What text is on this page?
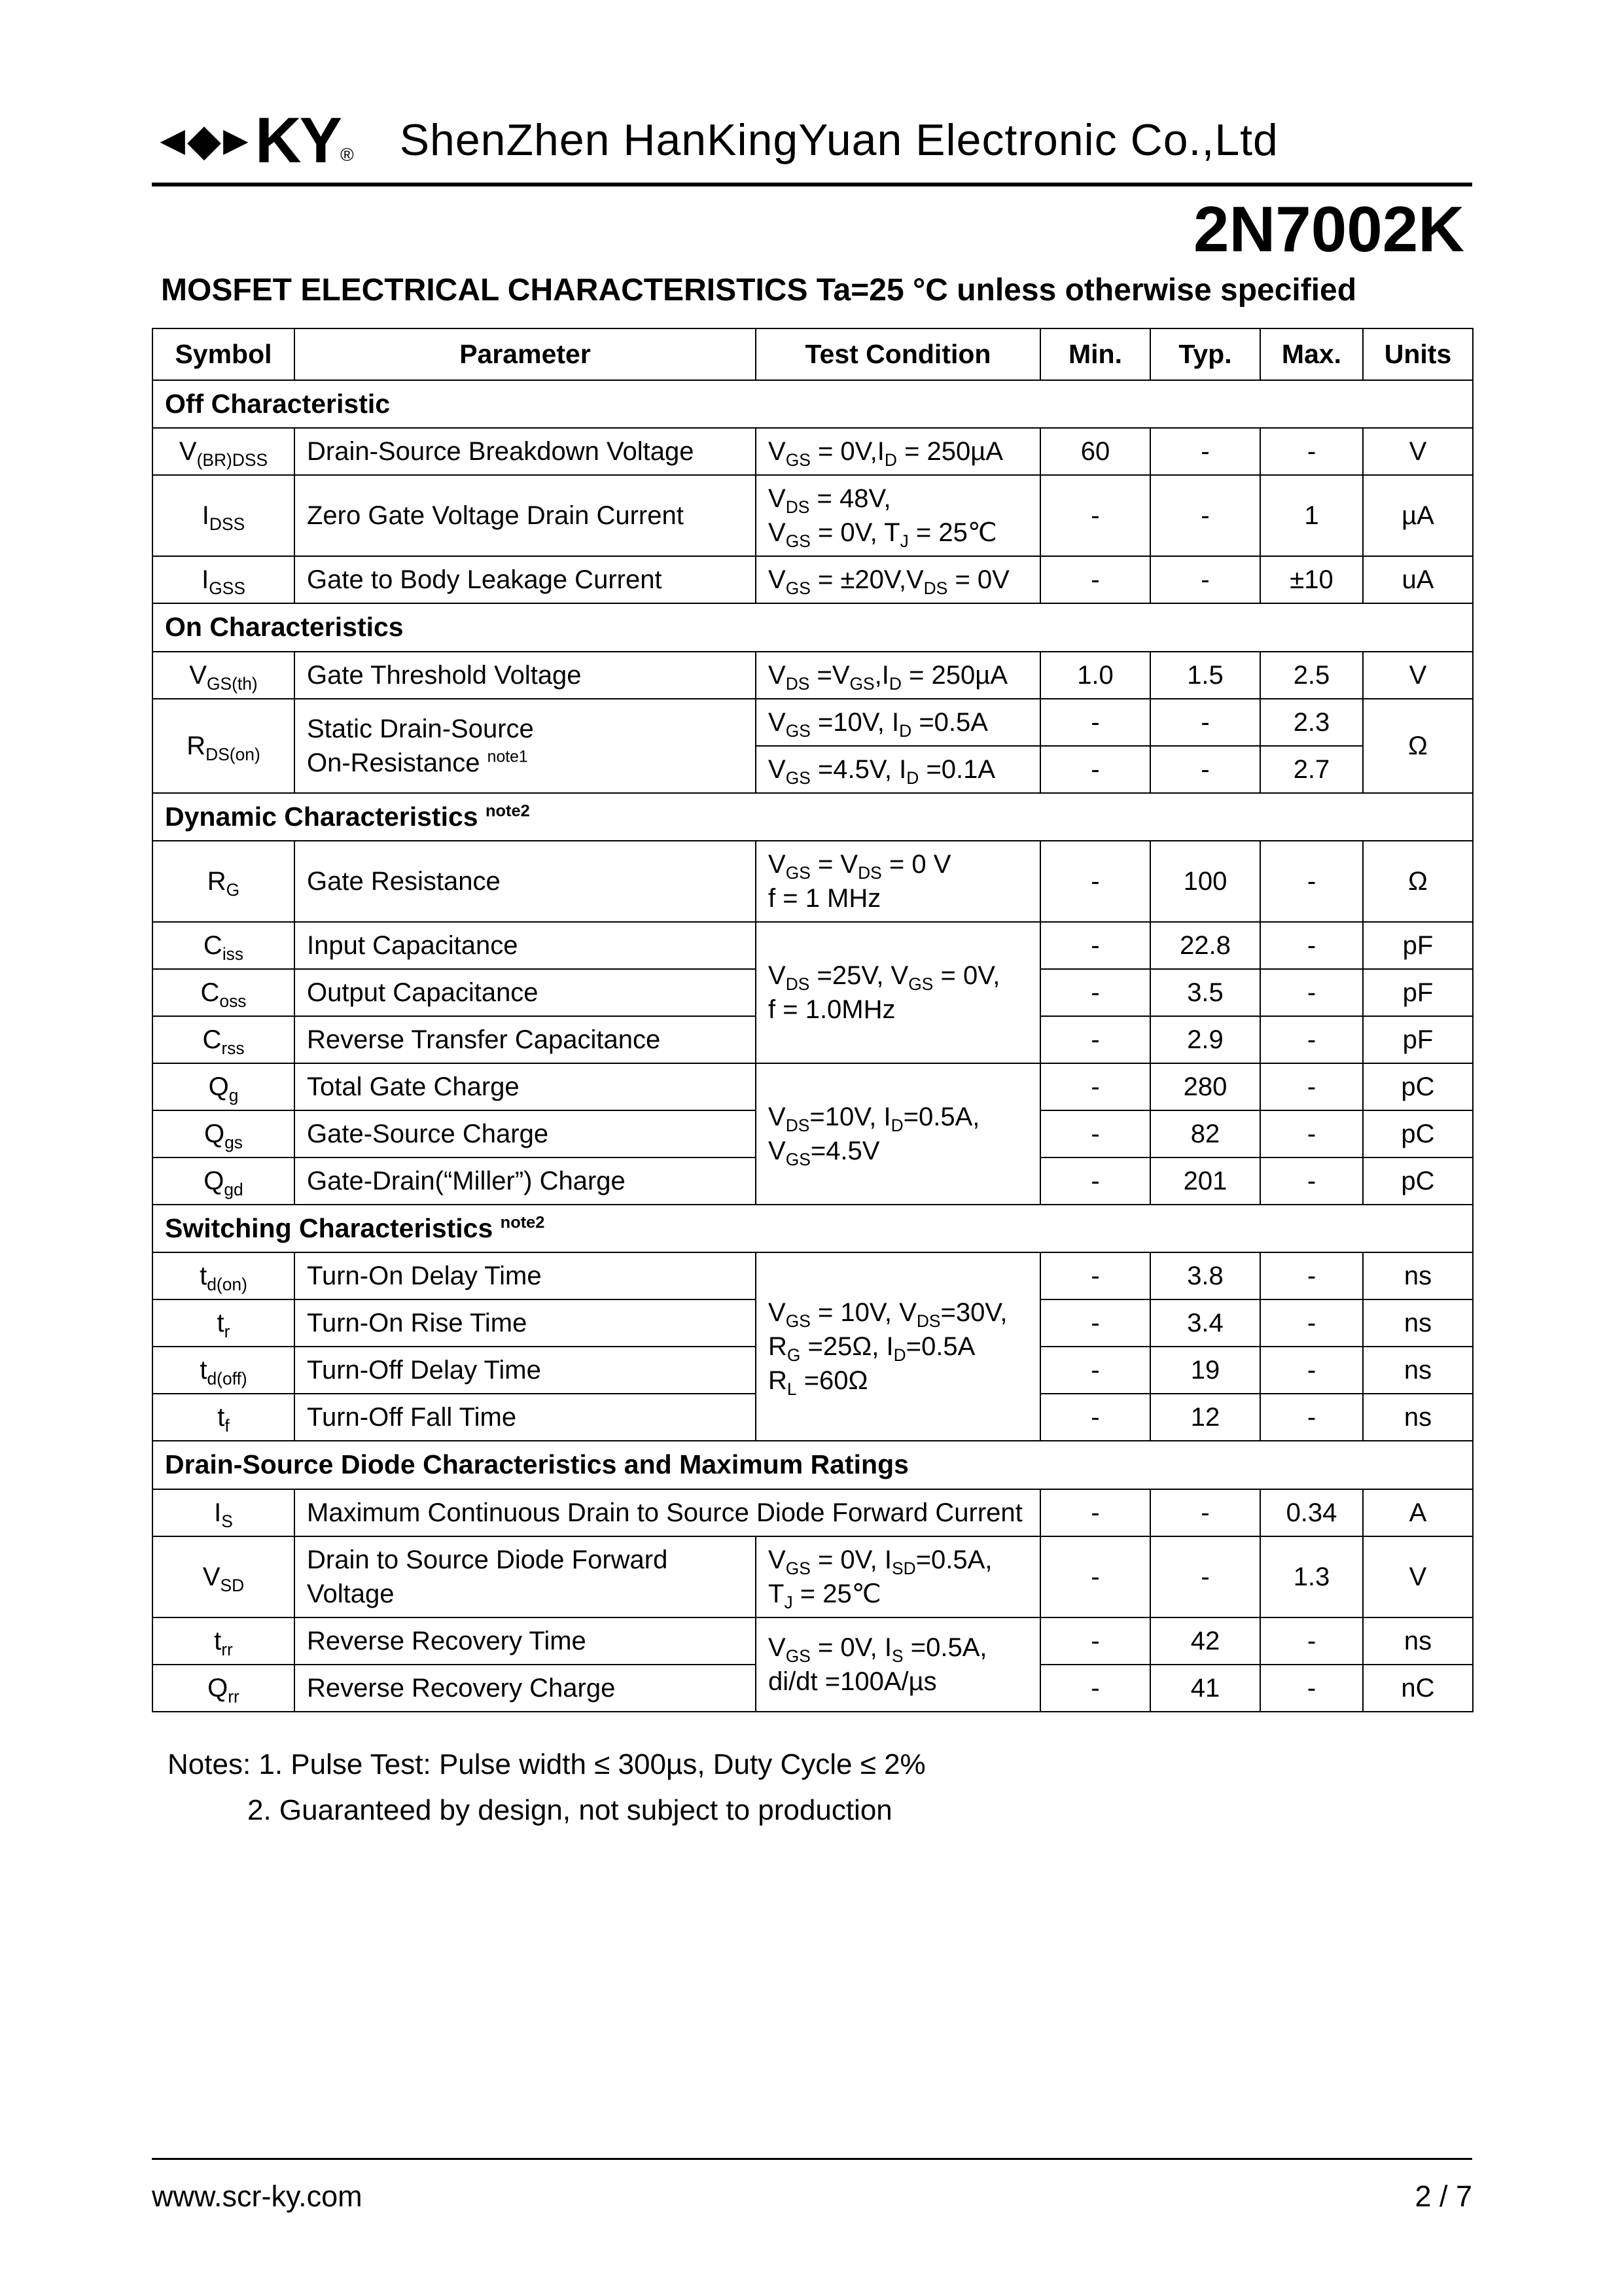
◄◆► KY ® ShenZhen HanKingYuan Electronic Co.,Ltd
2N7002K
MOSFET ELECTRICAL CHARACTERISTICS Ta=25 °C unless otherwise specified
Symbol	Parameter	Test Condition	Min.	Typ.	Max.	Units
Off Characteristic						
$V_{(BR)DSS}$	Drain-Source Breakdown Voltage	$V_{GS} = 0V,I_D = 250\mu A$	60	-	-	V
$I_{DSS}$	Zero Gate Voltage Drain Current	$V_{DS} = 48V$,
$V_{GS} = 0V$, $T_J$ = 25℃	-	-	1	µA
$I_{GSS}$	Gate to Body Leakage Current	$V_{GS} = \pm 20V,V_{DS} = 0V$	-	-	±10	uA
On Characteristics						
$V_{GS(th)}$	Gate Threshold Voltage	$V_{DS} =V_{GS},I_D = 250\mu A$	1.0	1.5	2.5	V
$R_{DS(on)}$	Static Drain-Source
On-Resistance $^{note1}$	$V_{GS} =10V$, $I_D =0.5A$	-	-	2.3	Ω
		$V_{GS} =4.5V$, $I_D =0.1A$	-	-	2.7	
Dynamic Characteristics $^{note2}$
$R_G$	Gate Resistance	$V_{GS} = V_{DS} = 0$ V
f = 1 MHz	-	100	-	Ω
$C_{iss}$	Input Capacitance	$V_{DS} =25V$, $V_{GS} = 0V$,
f = 1.0MHz	-	22.8	-	pF
$C_{oss}$	Output Capacitance		-	3.5	-	pF
$C_{rss}$	Reverse Transfer Capacitance		-	2.9	-	pF
$Q_g$	Total Gate Charge	$V_{DS}=10V$, $I_D=0.5A$,
$V_{GS}=4.5V$	-	280	-	pC
$Q_{gs}$	Gate-Source Charge		-	82	-	pC
$Q_{gd}$	Gate-Drain(“Miller”) Charge		-	201	-	pC
Switching Characteristics $^{note2}$
$t_{d(on)}$	Turn-On Delay Time	$V_{GS} = 10V$, $V_{DS}=30V$,
$R_G =25\Omega$, $I_D=0.5A$
$R_L =60\Omega$	-	3.8	-	ns
$t_r$	Turn-On Rise Time		-	3.4	-	ns
$t_{d(off)}$	Turn-Off Delay Time		-	19	-	ns
$t_f$	Turn-Off Fall Time		-	12	-	ns
Drain-Source Diode Characteristics and Maximum Ratings						
$I_S$	Maximum Continuous Drain to Source Diode Forward Current		-	-	0.34	A
$V_{SD}$	Drain to Source Diode Forward
Voltage	$V_{GS} = 0V$, $I_{SD}=0.5A$,
$T_J$ = 25℃	-	-	1.3	V
$t_{rr}$	Reverse Recovery Time	$V_{GS} = 0V$, $I_S =0.5A$,
di/dt =100A/µs	-	42	-	ns
$Q_{rr}$	Reverse Recovery Charge		-	41	-	nC
Notes: 1. Pulse Test: Pulse width ≤ 300µs, Duty Cycle ≤ 2%
2. Guaranteed by design, not subject to production
www.scr-ky.com	2 / 7
